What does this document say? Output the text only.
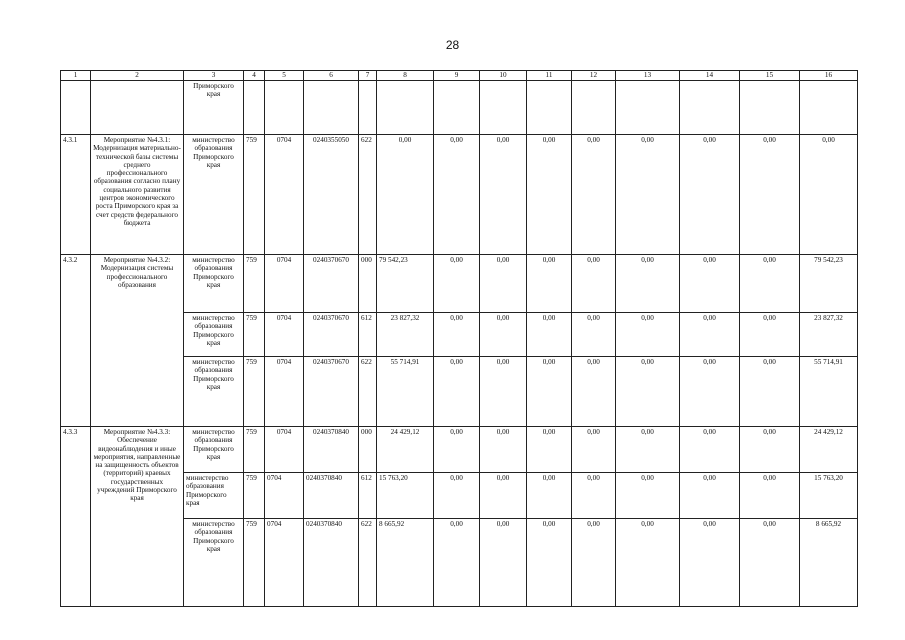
28
1	2	3	4	5	6	7	8	9	10	11	12	13	14	15	16
		Приморского края													
4.3.1	Мероприятие №4.3.1: Модернизация материально-технической базы системы среднего профессионального образования согласно плану социального развития центров экономического роста Приморского края за счет средств федерального бюджета	министерство образования Приморского края	759	0704	0240355050	622	0,00	0,00	0,00	0,00	0,00	0,00	0,00	0,00	0,00
4.3.2	Мероприятие №4.3.2: Модернизация системы профессионального образования	министерство образования Приморского края	759	0704	0240370670	000	79 542,23	0,00	0,00	0,00	0,00	0,00	0,00	0,00	79 542,23
		министерство образования Приморского края	759	0704	0240370670	612	23 827,32	0,00	0,00	0,00	0,00	0,00	0,00	0,00	23 827,32
		министерство образования Приморского края	759	0704	0240370670	622	55 714,91	0,00	0,00	0,00	0,00	0,00	0,00	0,00	55 714,91
4.3.3	Мероприятие №4.3.3: Обеспечение видеонаблюдения и иные мероприятия, направленные на защищенность объектов (территорий) краевых государственных учреждений Приморского края	министерство образования Приморского края	759	0704	0240370840	000	24 429,12	0,00	0,00	0,00	0,00	0,00	0,00	0,00	24 429,12
		министерство образования Приморского края	759	0704	0240370840	612	15 763,20	0,00	0,00	0,00	0,00	0,00	0,00	0,00	15 763,20
		министерство образования Приморского края	759	0704	0240370840	622	8 665,92	0,00	0,00	0,00	0,00	0,00	0,00	0,00	8 665,92
